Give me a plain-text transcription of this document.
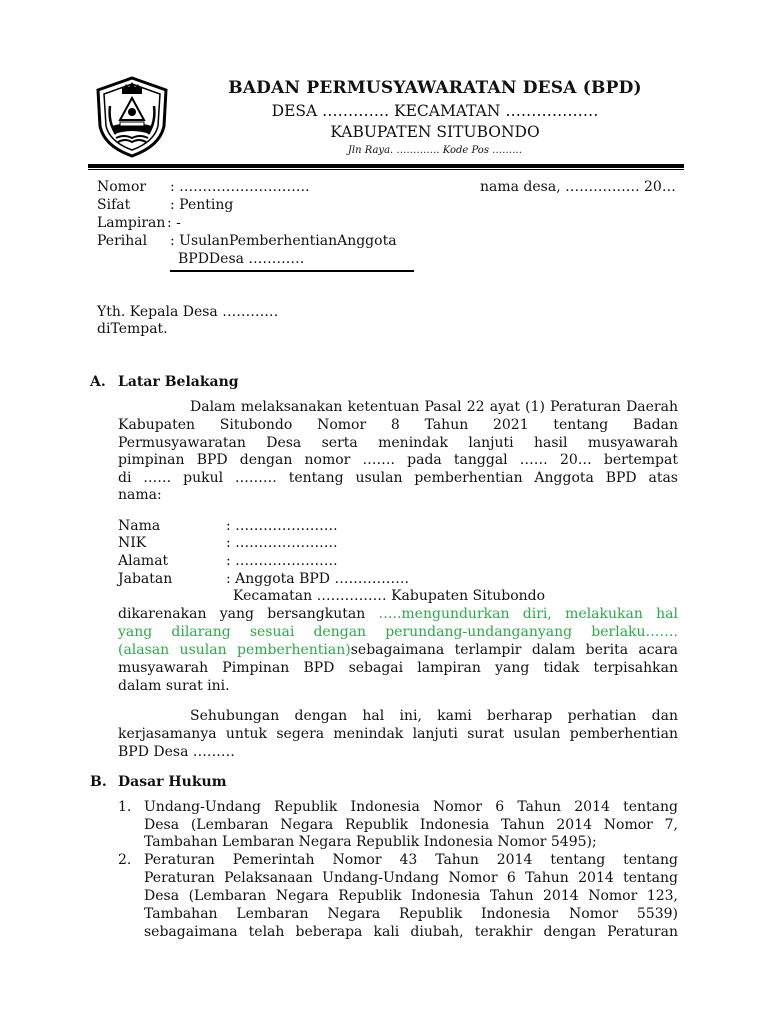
BADAN PERMUSYAWARATAN DESA (BPD)
DESA …………. KECAMATAN ………………
KABUPATEN SITUBONDO
Jln Raya. …………. Kode Pos ………
Nomor : ……………………….	nama desa, ……………. 20…
Sifat	: Penting
Lampiran : -
Perihal : UsulanPemberhentianAnggota
BPDDesa …………
Yth. Kepala Desa …………
diTempat.
A. Latar Belakang
Dalam melaksanakan ketentuan Pasal 22 ayat (1) Peraturan Daerah
Kabupaten Situbondo Nomor 8 Tahun 2021 tentang Badan
Permusyawaratan Desa serta menindak lanjuti hasil musyawarah
pimpinan BPD dengan nomor ……. pada tanggal …… 20… bertempat
di …… pukul ……… tentang usulan pemberhentian Anggota BPD atas
nama:
Nama	: ………………….
NIK	: ………………….
Alamat	: ………………….
Jabatan	: Anggota BPD …………….
Kecamatan …………… Kabupaten Situbondo
dikarenakan yang bersangkutan …..mengundurkan diri, melakukan hal
yang dilarang sesuai dengan perundang-undanganyang berlaku…….
(alasan usulan pemberhentian)sebagaimana terlampir dalam berita acara
musyawarah Pimpinan BPD sebagai lampiran yang tidak terpisahkan
dalam surat ini.
Sehubungan dengan hal ini, kami berharap perhatian dan
kerjasamanya untuk segera menindak lanjuti surat usulan pemberhentian
BPD Desa ………
B. Dasar Hukum
1. Undang-Undang Republik Indonesia Nomor 6 Tahun 2014 tentang
Desa (Lembaran Negara Republik Indonesia Tahun 2014 Nomor 7,
Tambahan Lembaran Negara Republik Indonesia Nomor 5495);
2. Peraturan Pemerintah Nomor 43 Tahun 2014 tentang tentang
Peraturan Pelaksanaan Undang-Undang Nomor 6 Tahun 2014 tentang
Desa (Lembaran Negara Republik Indonesia Tahun 2014 Nomor 123,
Tambahan Lembaran Negara Republik Indonesia Nomor 5539)
sebagaimana telah beberapa kali diubah, terakhir dengan Peraturan
